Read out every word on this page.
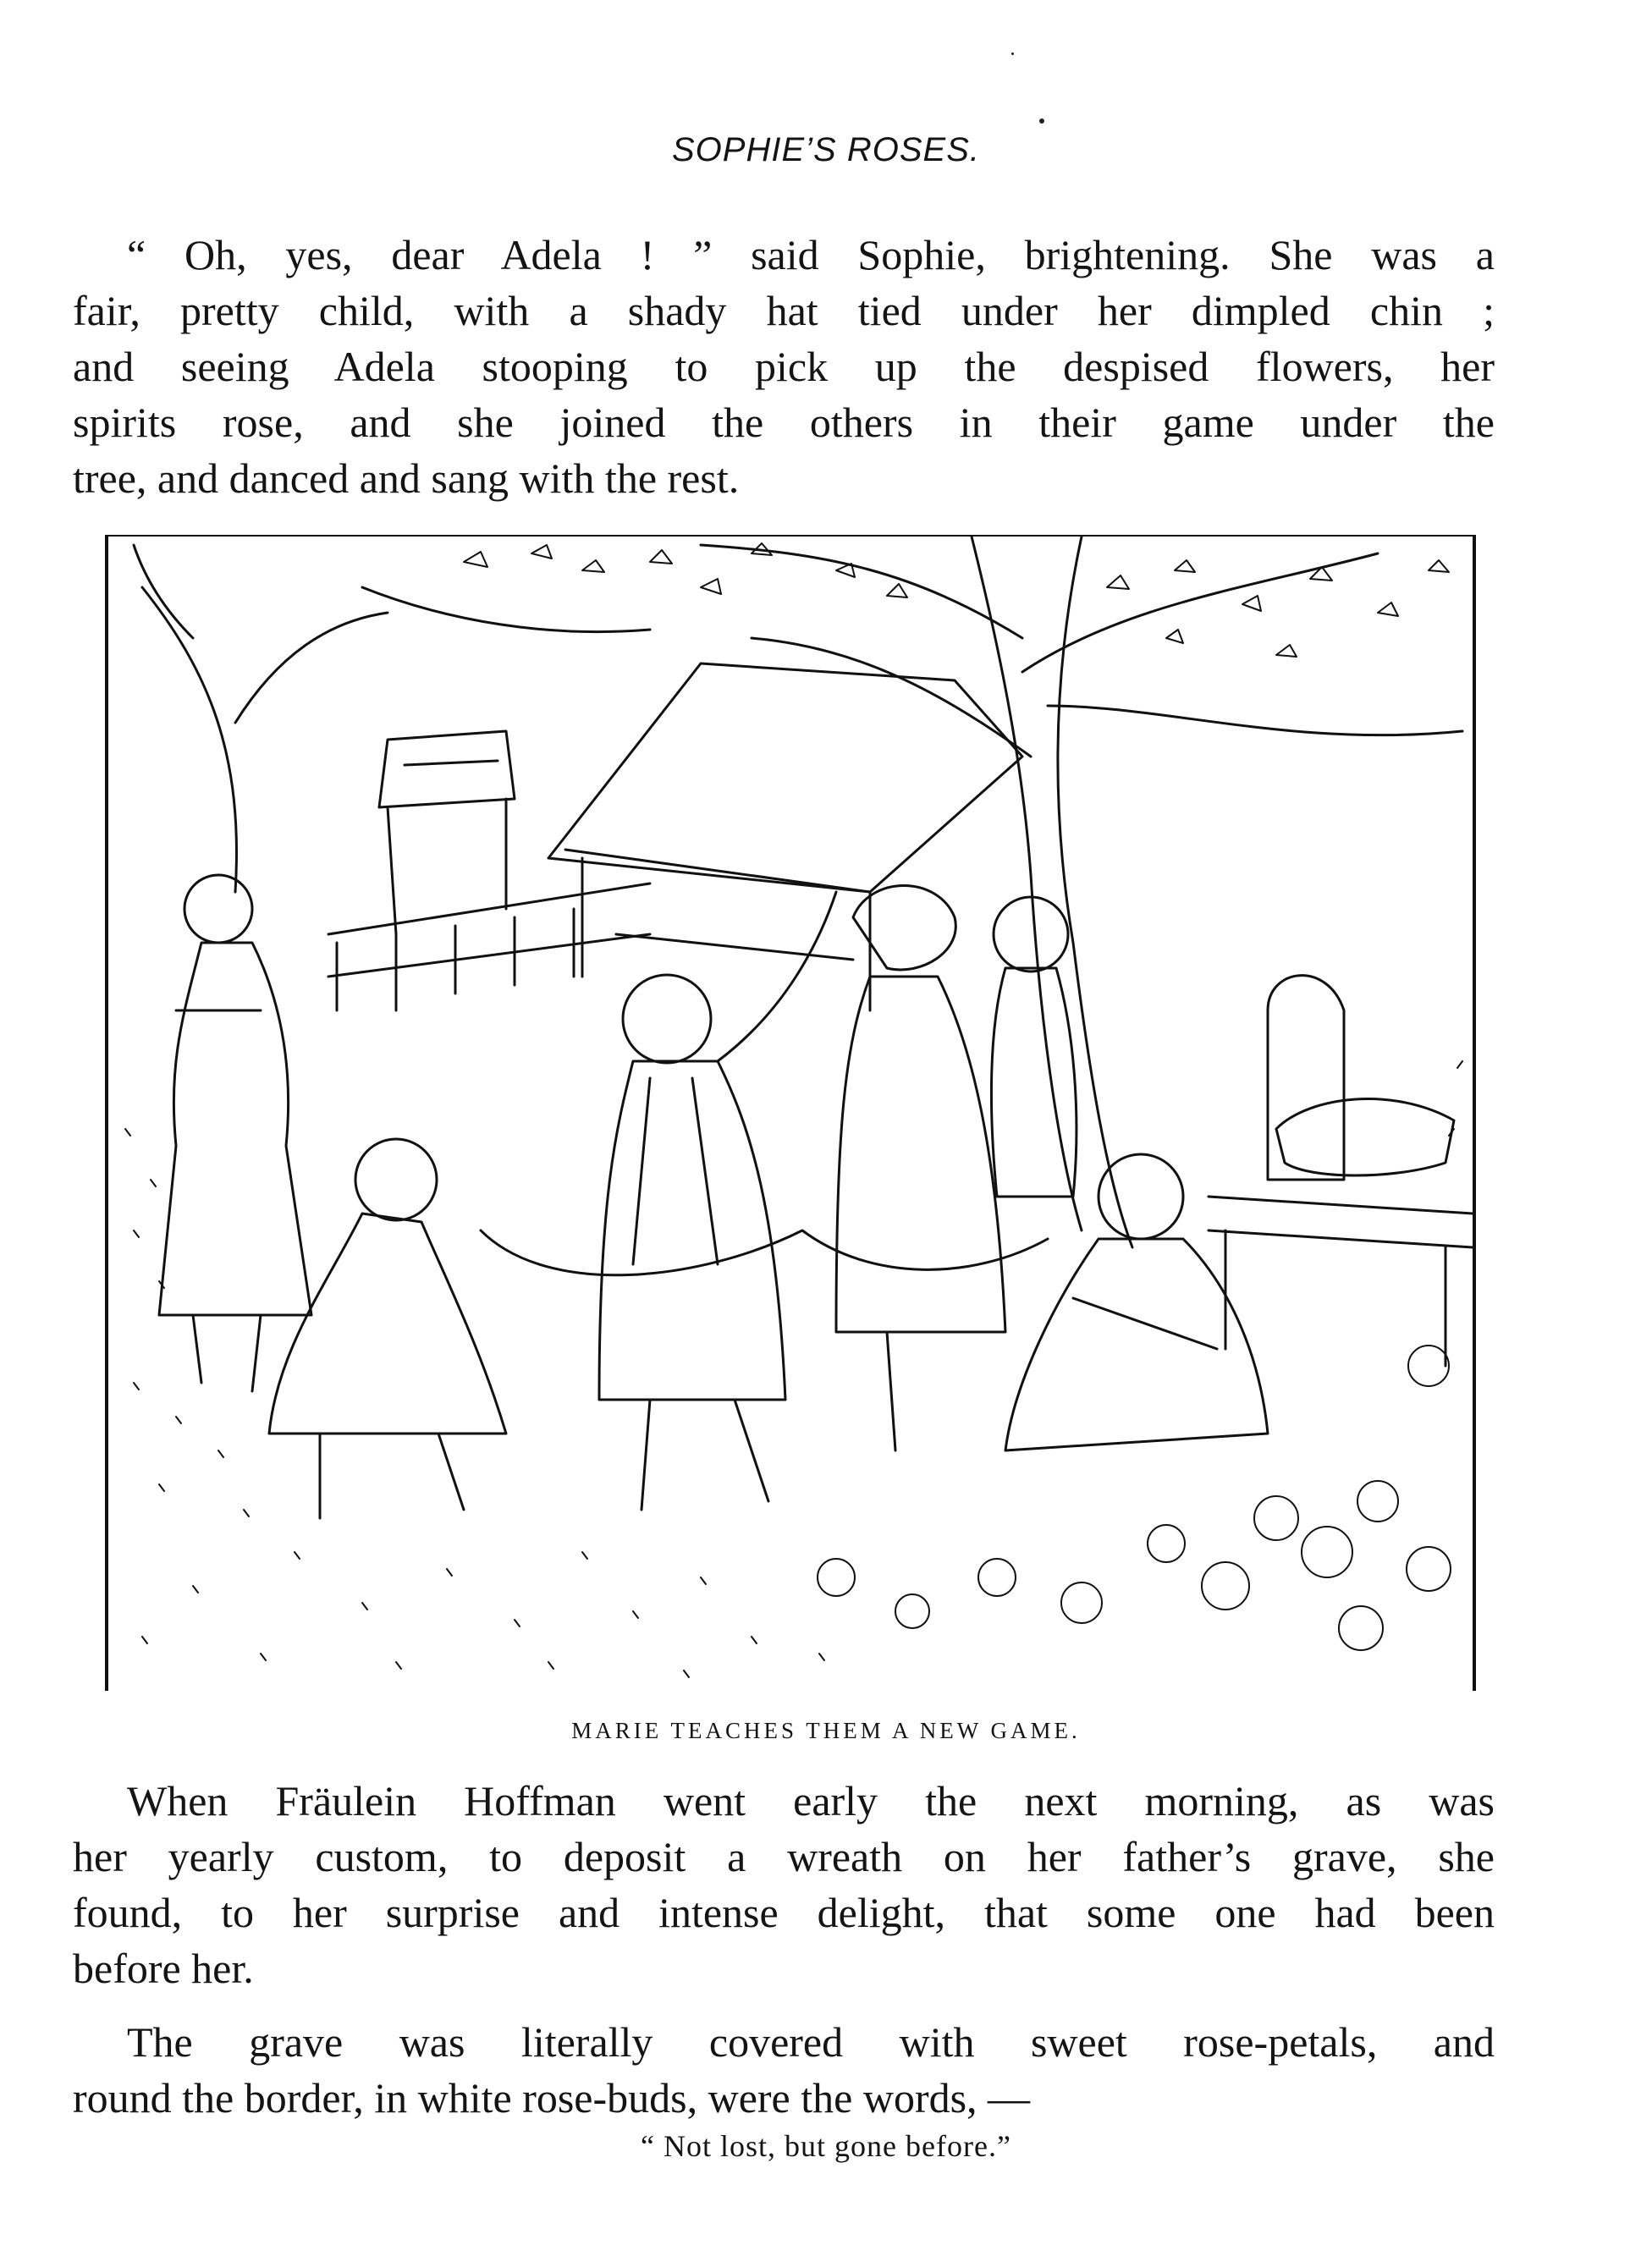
SOPHIE’S ROSES.

“ Oh, yes, dear Adela ! ” said Sophie, brightening. She was a
fair, pretty child, with a shady hat tied under her dimpled chin ;
and seeing Adela stooping to pick up the despised flowers, her
spirits rose, and she joined the others in their game under the
tree, and danced and sang with the rest.

MARIE TEACHES THEM A NEW GAME.

When Fräulein Hoffman went early the next morning, as was
her yearly custom, to deposit a wreath on her father’s grave, she
found, to her surprise and intense delight, that some one had been
before her.

The grave was literally covered with sweet rose-petals, and
round the border, in white rose-buds, were the words, —

“ Not lost, but gone before.”
